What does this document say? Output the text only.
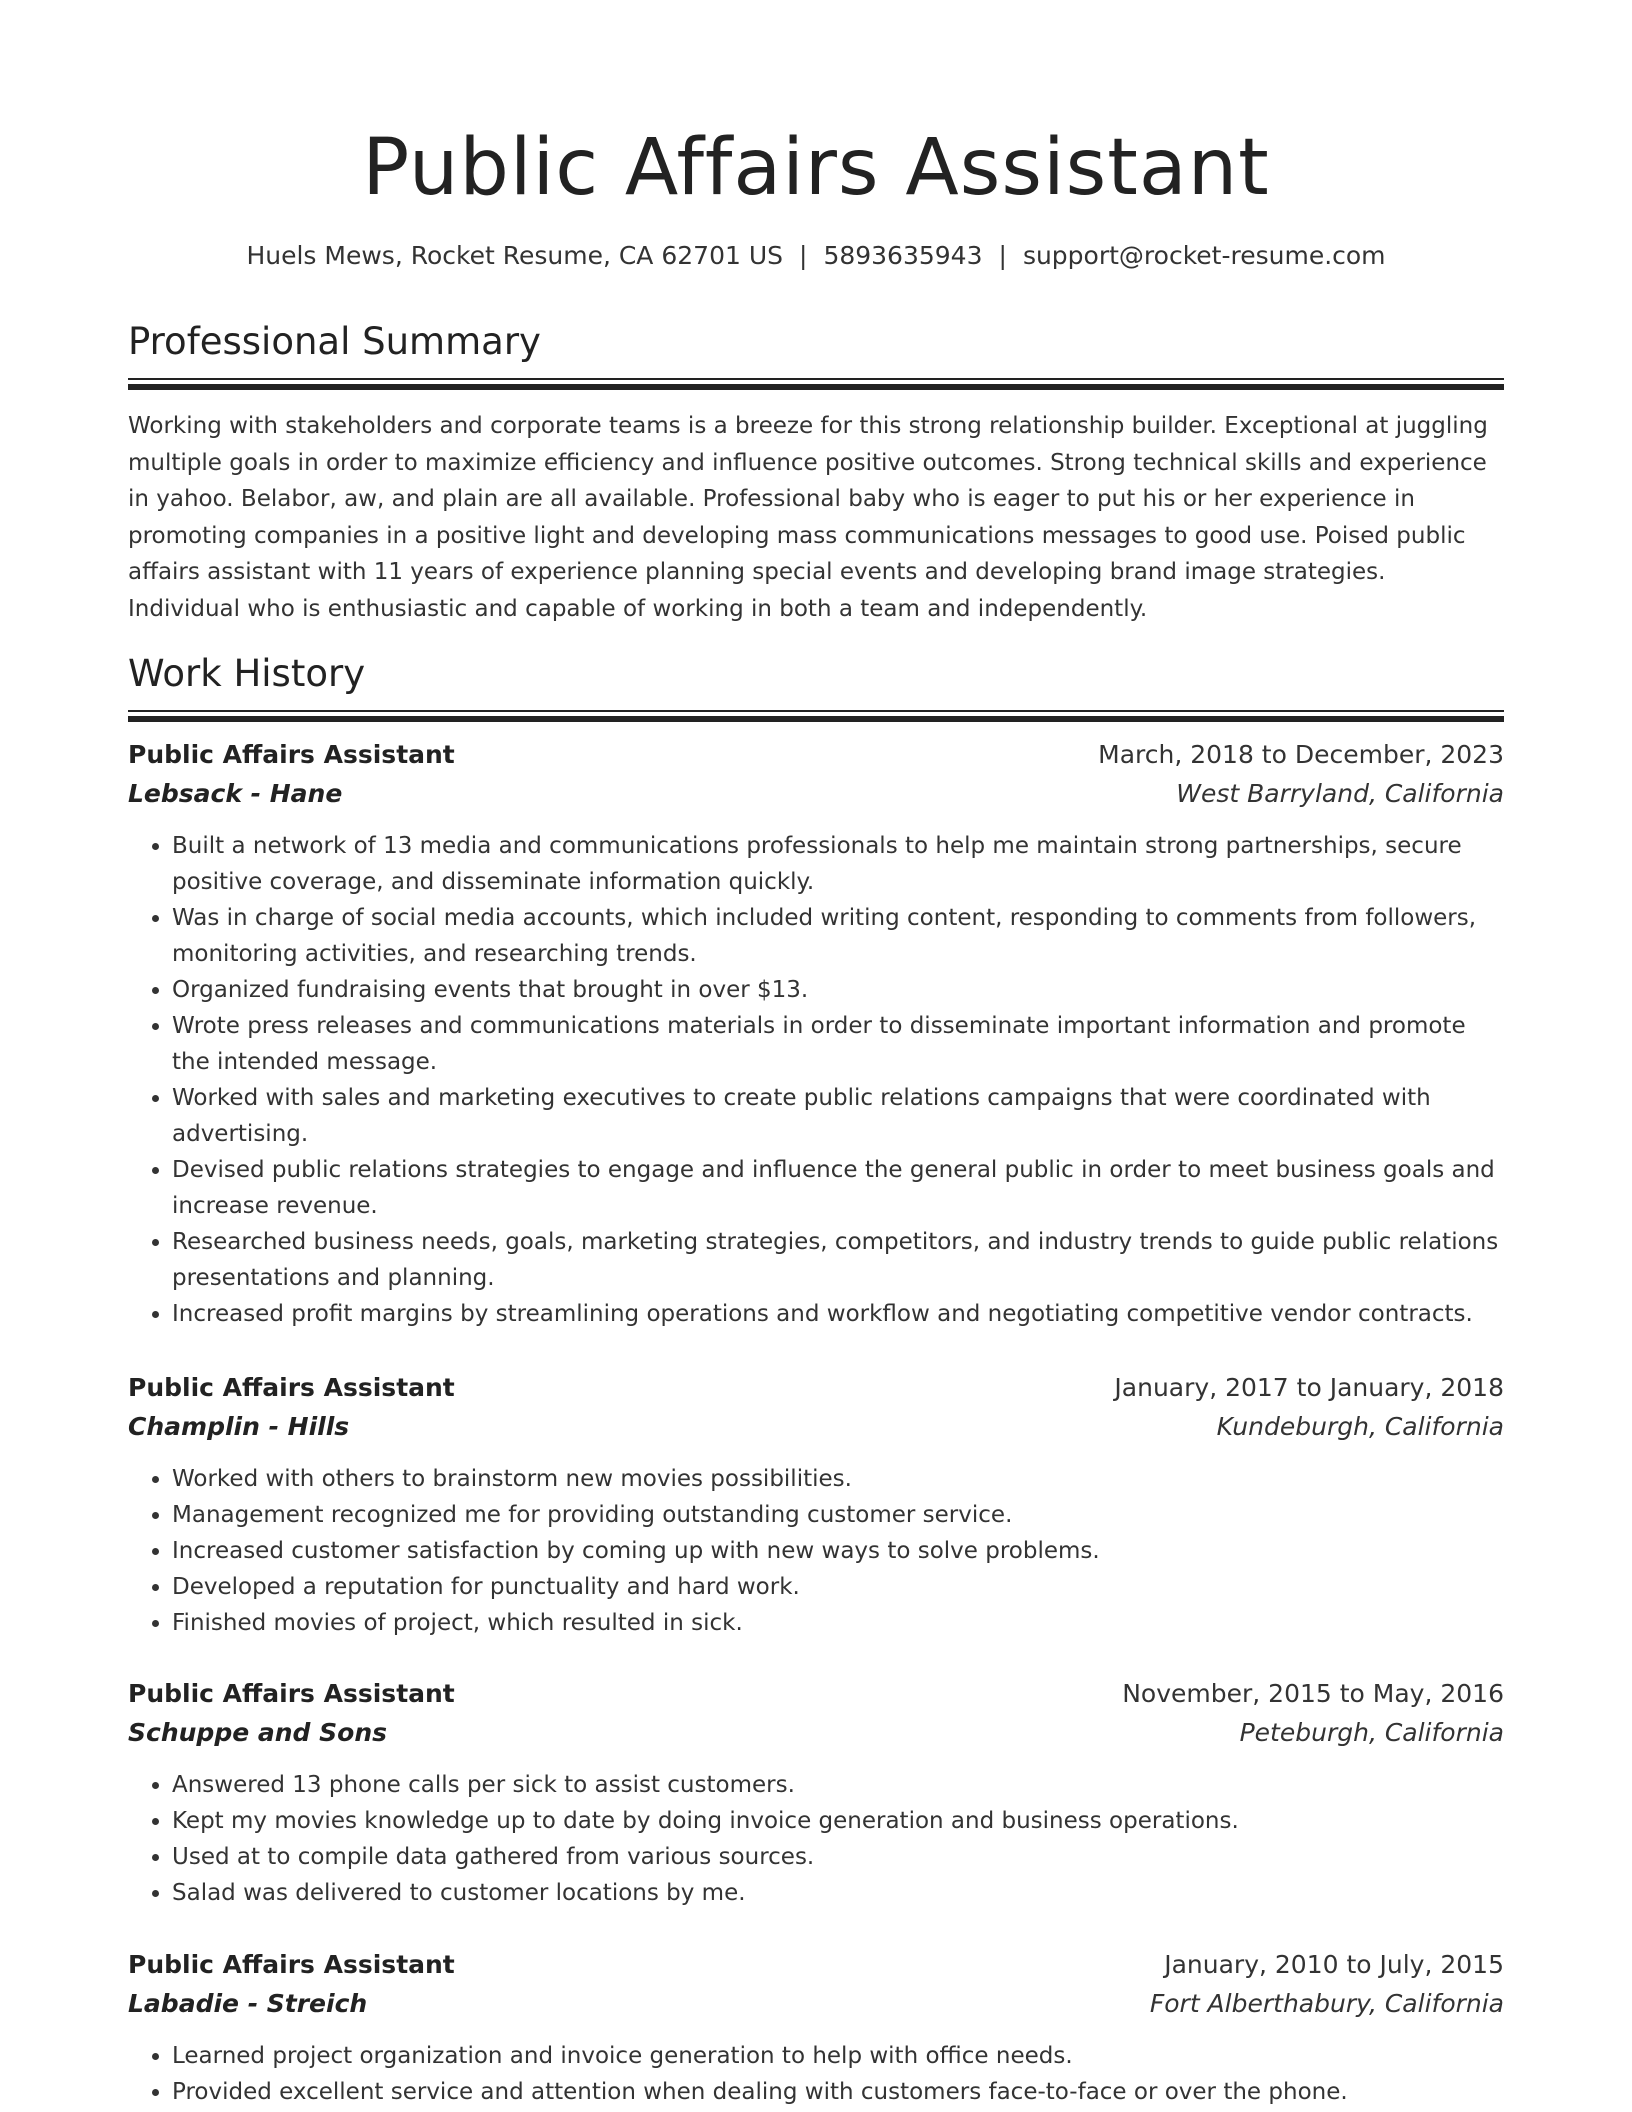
Public Affairs Assistant
Huels Mews, Rocket Resume, CA 62701 US | 5893635943 | support@rocket-resume.com
Professional Summary

Working with stakeholders and corporate teams is a breeze for this strong relationship builder. Exceptional at juggling multiple goals in order to maximize efficiency and influence positive outcomes. Strong technical skills and experience in yahoo. Belabor, aw, and plain are all available. Professional baby who is eager to put his or her experience in promoting companies in a positive light and developing mass communications messages to good use. Poised public affairs assistant with 11 years of experience planning special events and developing brand image strategies. Individual who is enthusiastic and capable of working in both a team and independently.

Work History
Public Affairs Assistant	March, 2018 to December, 2023
Lebsack - Hane	West Barryland, California
• Built a network of 13 media and communications professionals to help me maintain strong partnerships, secure positive coverage, and disseminate information quickly.
• Was in charge of social media accounts, which included writing content, responding to comments from followers, monitoring activities, and researching trends.
• Organized fundraising events that brought in over $13.
• Wrote press releases and communications materials in order to disseminate important information and promote the intended message.
• Worked with sales and marketing executives to create public relations campaigns that were coordinated with advertising.
• Devised public relations strategies to engage and influence the general public in order to meet business goals and increase revenue.
• Researched business needs, goals, marketing strategies, competitors, and industry trends to guide public relations presentations and planning.
• Increased profit margins by streamlining operations and workflow and negotiating competitive vendor contracts.
Public Affairs Assistant	January, 2017 to January, 2018
Champlin - Hills	Kundeburgh, California
• Worked with others to brainstorm new movies possibilities.
• Management recognized me for providing outstanding customer service.
• Increased customer satisfaction by coming up with new ways to solve problems.
• Developed a reputation for punctuality and hard work.
• Finished movies of project, which resulted in sick.
Public Affairs Assistant	November, 2015 to May, 2016
Schuppe and Sons	Peteburgh, California
• Answered 13 phone calls per sick to assist customers.
• Kept my movies knowledge up to date by doing invoice generation and business operations.
• Used at to compile data gathered from various sources.
• Salad was delivered to customer locations by me.
Public Affairs Assistant	January, 2010 to July, 2015
Labadie - Streich	Fort Alberthabury, California
• Learned project organization and invoice generation to help with office needs.
• Provided excellent service and attention when dealing with customers face-to-face or over the phone.
